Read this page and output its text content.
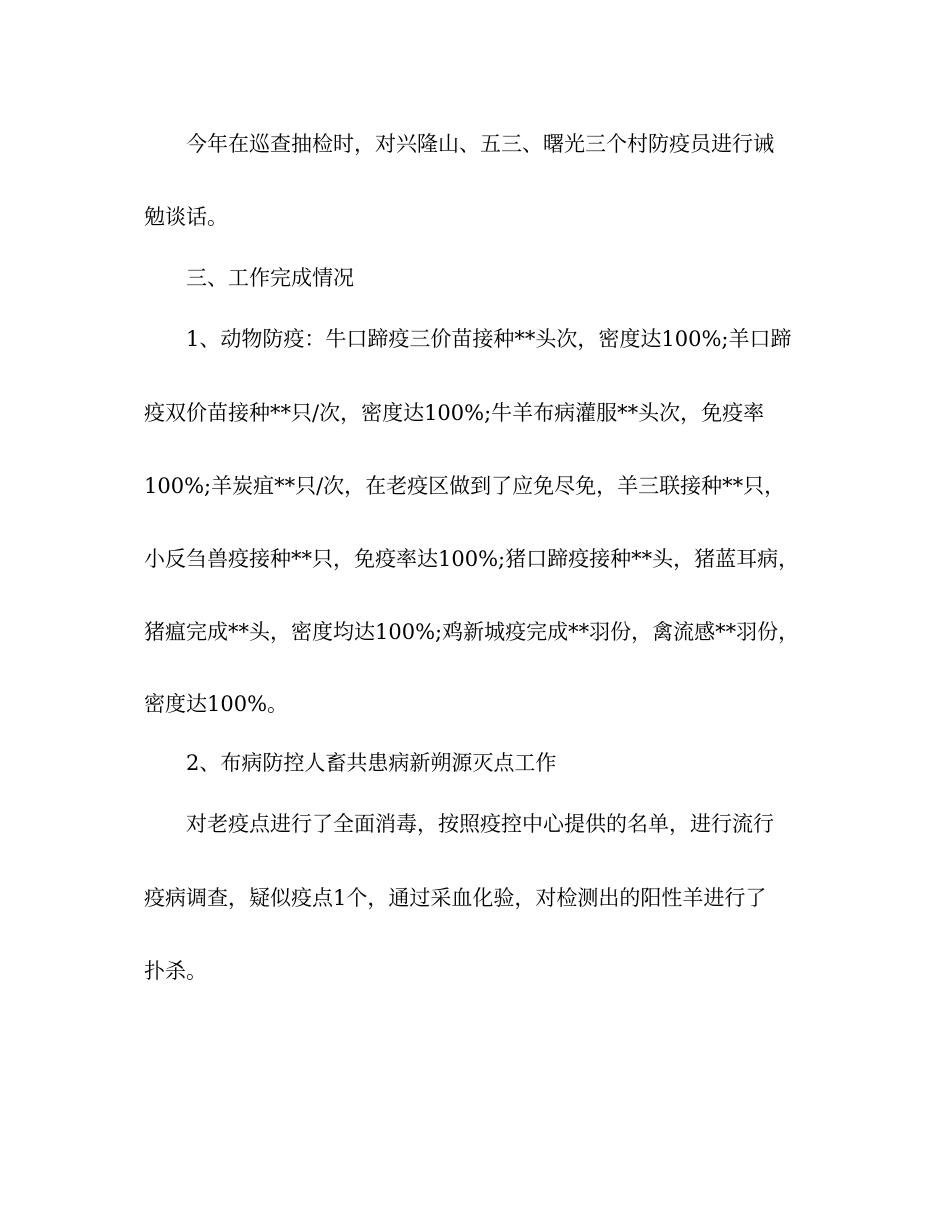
今年在巡查抽检时，对兴隆山、五三、曙光三个村防疫员进行诫
勉谈话。
三、工作完成情况
1、动物防疫：牛口蹄疫三价苗接种**头次，密度达100%;羊口蹄
疫双价苗接种**只/次，密度达100%;牛羊布病灌服**头次，免疫率
100%;羊炭疽**只/次，在老疫区做到了应免尽免，羊三联接种**只，
小反刍兽疫接种**只，免疫率达100%;猪口蹄疫接种**头，猪蓝耳病，
猪瘟完成**头，密度均达100%;鸡新城疫完成**羽份，禽流感**羽份，
密度达100%。
2、布病防控人畜共患病新朔源灭点工作
对老疫点进行了全面消毒，按照疫控中心提供的名单，进行流行
疫病调查，疑似疫点1个，通过采血化验，对检测出的阳性羊进行了
扑杀。
